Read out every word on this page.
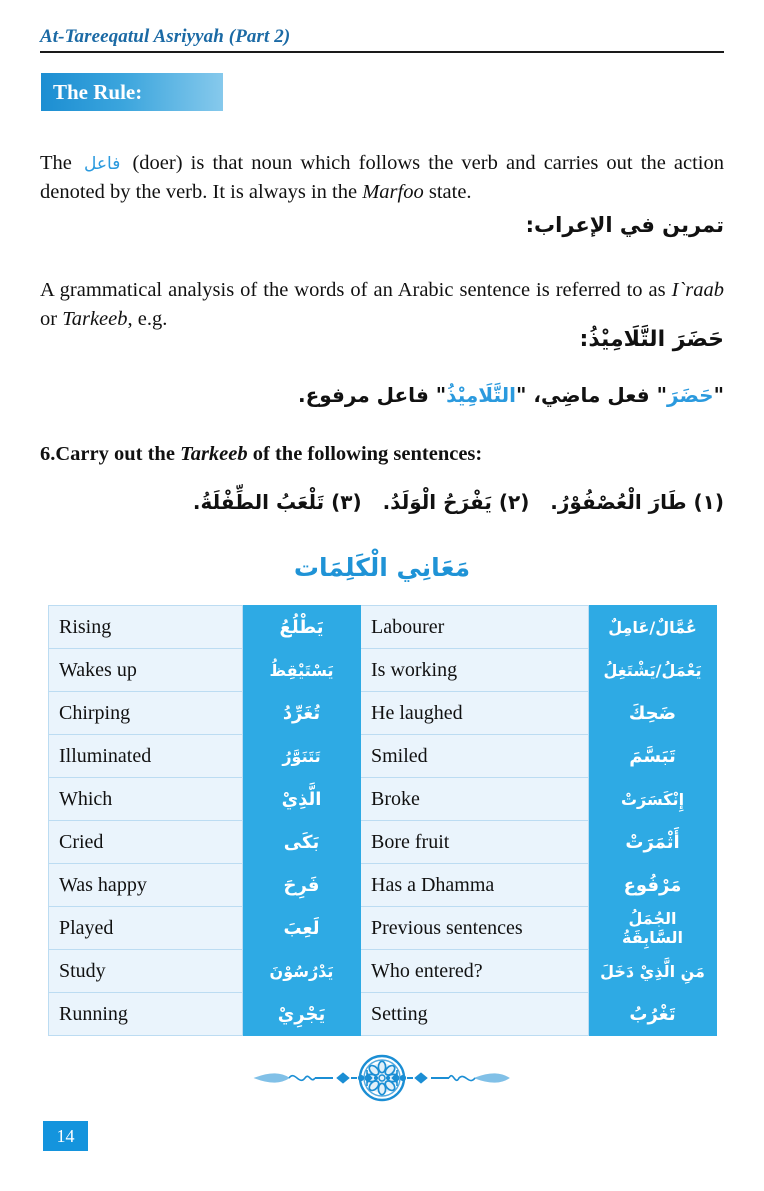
At-Tareeqatul Asriyyah (Part 2)
The Rule:

The فاعل (doer) is that noun which follows the verb and carries out the action denoted by the verb. It is always in the Marfoo state.

تمرين في الإعراب:

A grammatical analysis of the words of an Arabic sentence is referred to as I`raab or Tarkeeb, e.g.

حَضَرَ التَّلَامِيْذُ:
"حَضَرَ" فعل ماضِي، "التَّلَامِيْذُ" فاعل مرفوع.
6.Carry out the Tarkeeb of the following sentences:
(١) طَارَ الْعُصْفُوْرُ. (٢) يَفْرَحُ الْوَلَدُ. (٣) تَلْعَبُ الطِّفْلَةُ.
مَعَانِي الْكَلِمَات
Rising	يَطْلُعُ	Labourer	عُمَّالٌ/عَامِلٌ
Wakes up	يَسْتَيْقِظُ	Is working	يَعْمَلُ/يَشْتَغِلُ
Chirping	تُغَرِّدُ	He laughed	ضَحِكَ
Illuminated	تَتَنَوَّرُ	Smiled	تَبَسَّمَ
Which	الَّذِيْ	Broke	إِنْكَسَرَتْ
Cried	بَكَى	Bore fruit	أَثْمَرَتْ
Was happy	فَرِحَ	Has a Dhamma	مَرْفُوع
Played	لَعِبَ	Previous sentences	الجُمَلُ السَّابِقَةُ
Study	يَدْرُسُوْنَ	Who entered?	مَنِ الَّذِيْ دَخَلَ
Running	يَجْرِيْ	Setting	تَغْرُبُ
14
